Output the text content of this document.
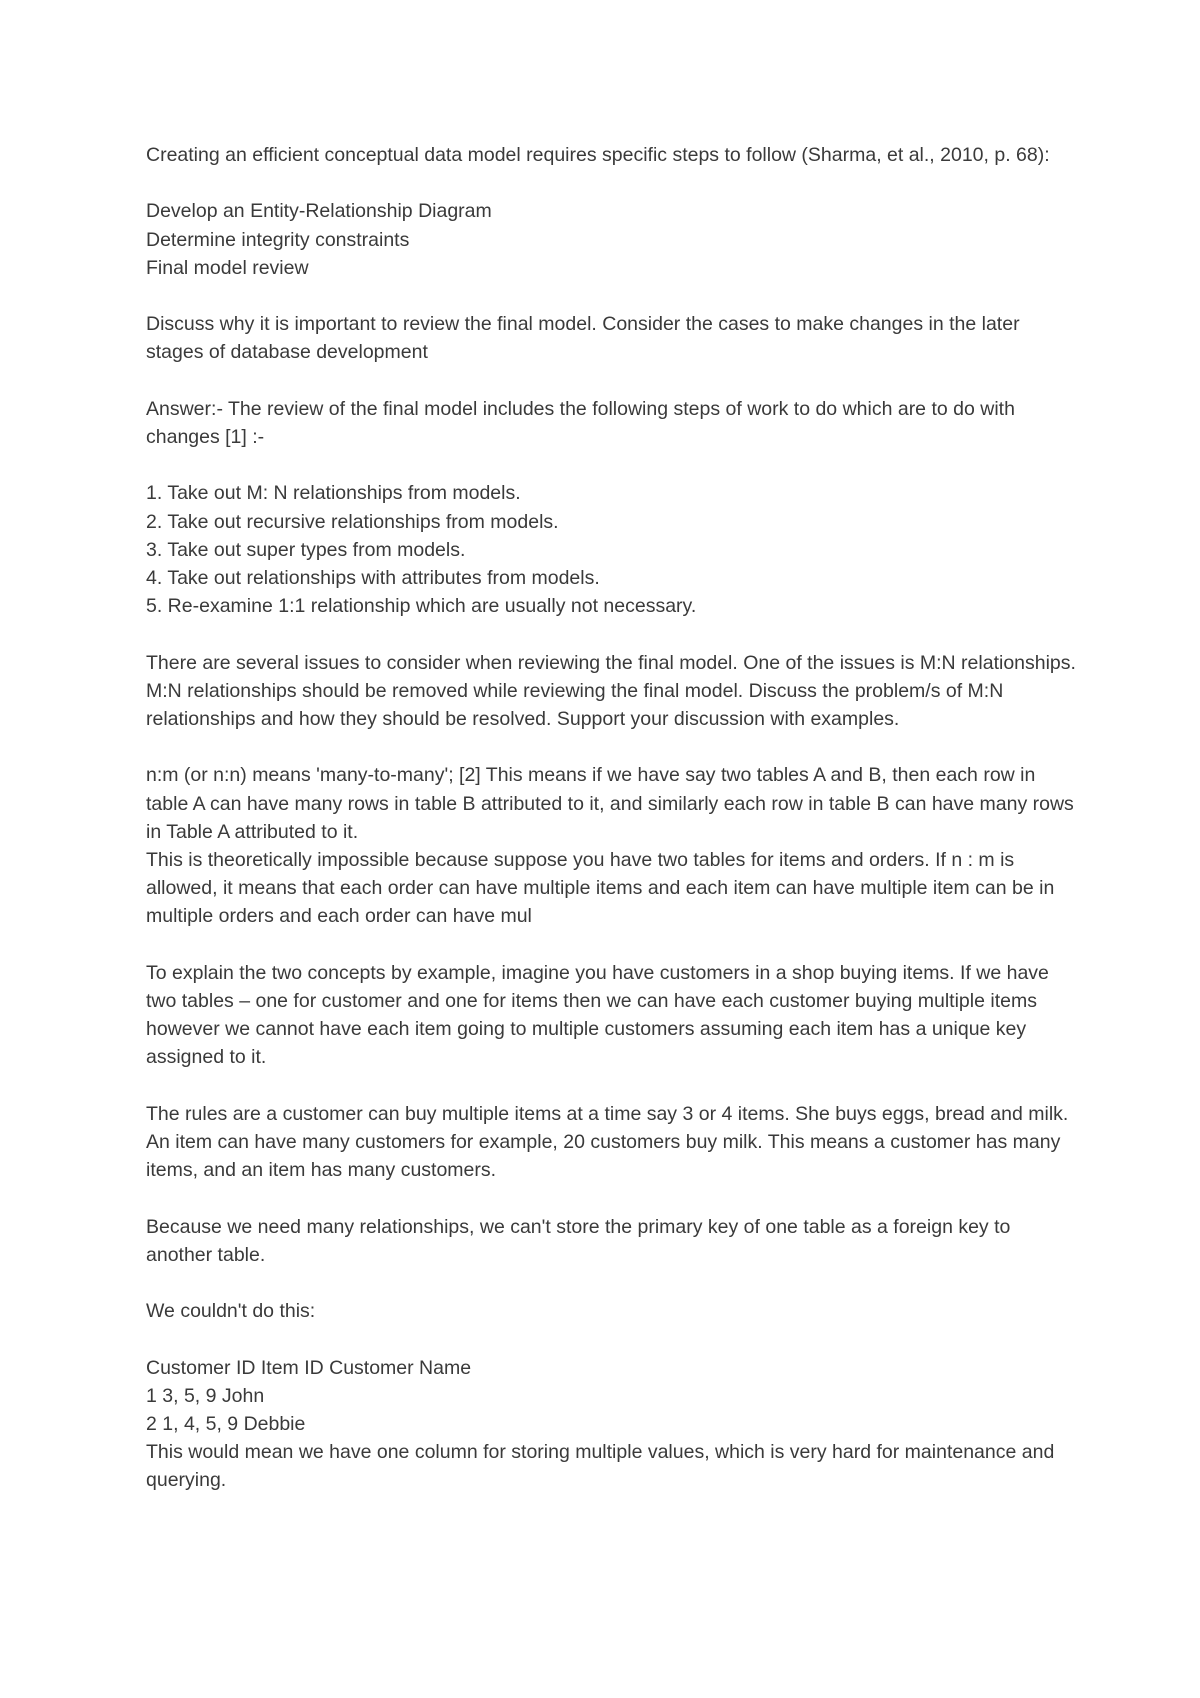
Creating an efficient conceptual data model requires specific steps to follow (Sharma, et al., 2010, p. 68):

Develop an Entity-Relationship Diagram
Determine integrity constraints
Final model review

Discuss why it is important to review the final model. Consider the cases to make changes in the later stages of database development

Answer:- The review of the final model includes the following steps of work to do which are to do with changes [1] :-

1. Take out M: N relationships from models.
2. Take out recursive relationships from models.
3. Take out super types from models.
4. Take out relationships with attributes from models.
5. Re-examine 1:1 relationship which are usually not necessary.

There are several issues to consider when reviewing the final model. One of the issues is M:N relationships. M:N relationships should be removed while reviewing the final model. Discuss the problem/s of M:N relationships and how they should be resolved. Support your discussion with examples.

n:m (or n:n) means 'many-to-many'; [2] This means if we have say two tables A and B, then each row in table A can have many rows in table B attributed to it, and similarly each row in table B can have many rows in Table A attributed to it.

This is theoretically impossible because suppose you have two tables for items and orders. If n : m is allowed, it means that each order can have multiple items and each item can have multiple item can be in multiple orders and each order can have mul

To explain the two concepts by example, imagine you have customers in a shop buying items. If we have two tables – one for customer and one for items then we can have each customer buying multiple items however we cannot have each item going to multiple customers assuming each item has a unique key assigned to it.

The rules are a customer can buy multiple items at a time say 3 or 4 items. She buys eggs, bread and milk. An item can have many customers for example, 20 customers buy milk. This means a customer has many items, and an item has many customers.

Because we need many relationships, we can't store the primary key of one table as a foreign key to another table.

We couldn't do this:

Customer ID Item ID Customer Name
1 3, 5, 9 John
2 1, 4, 5, 9 Debbie

This would mean we have one column for storing multiple values, which is very hard for maintenance and querying.
